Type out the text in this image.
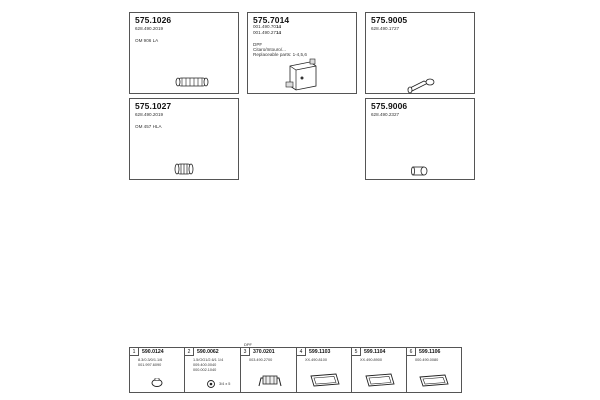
575.1026
628.490.2019
OM 906 LA
575.7014
001.490.7014
001.490.2714
DPF
Citaro/Intouro/...
Replaceable parts: 1-4,5,6
575.9005
628.490.1727
575.1027
628.490.2019
OM 457 HLA
575.9006
628.490.2327
DPF
1	590.0124
8.3/0.3/0/1.1/6
001.997.6090
2	590.0062
1.5/OG1/2.6/1 1/4
009.400.0040
000.002.1040
3/4 x 5
3	370.0201
003.490.2700
4	599.1103
XX.490.8100
5	599.1104
XX.490.8900
6	599.1106
000.490.0080
